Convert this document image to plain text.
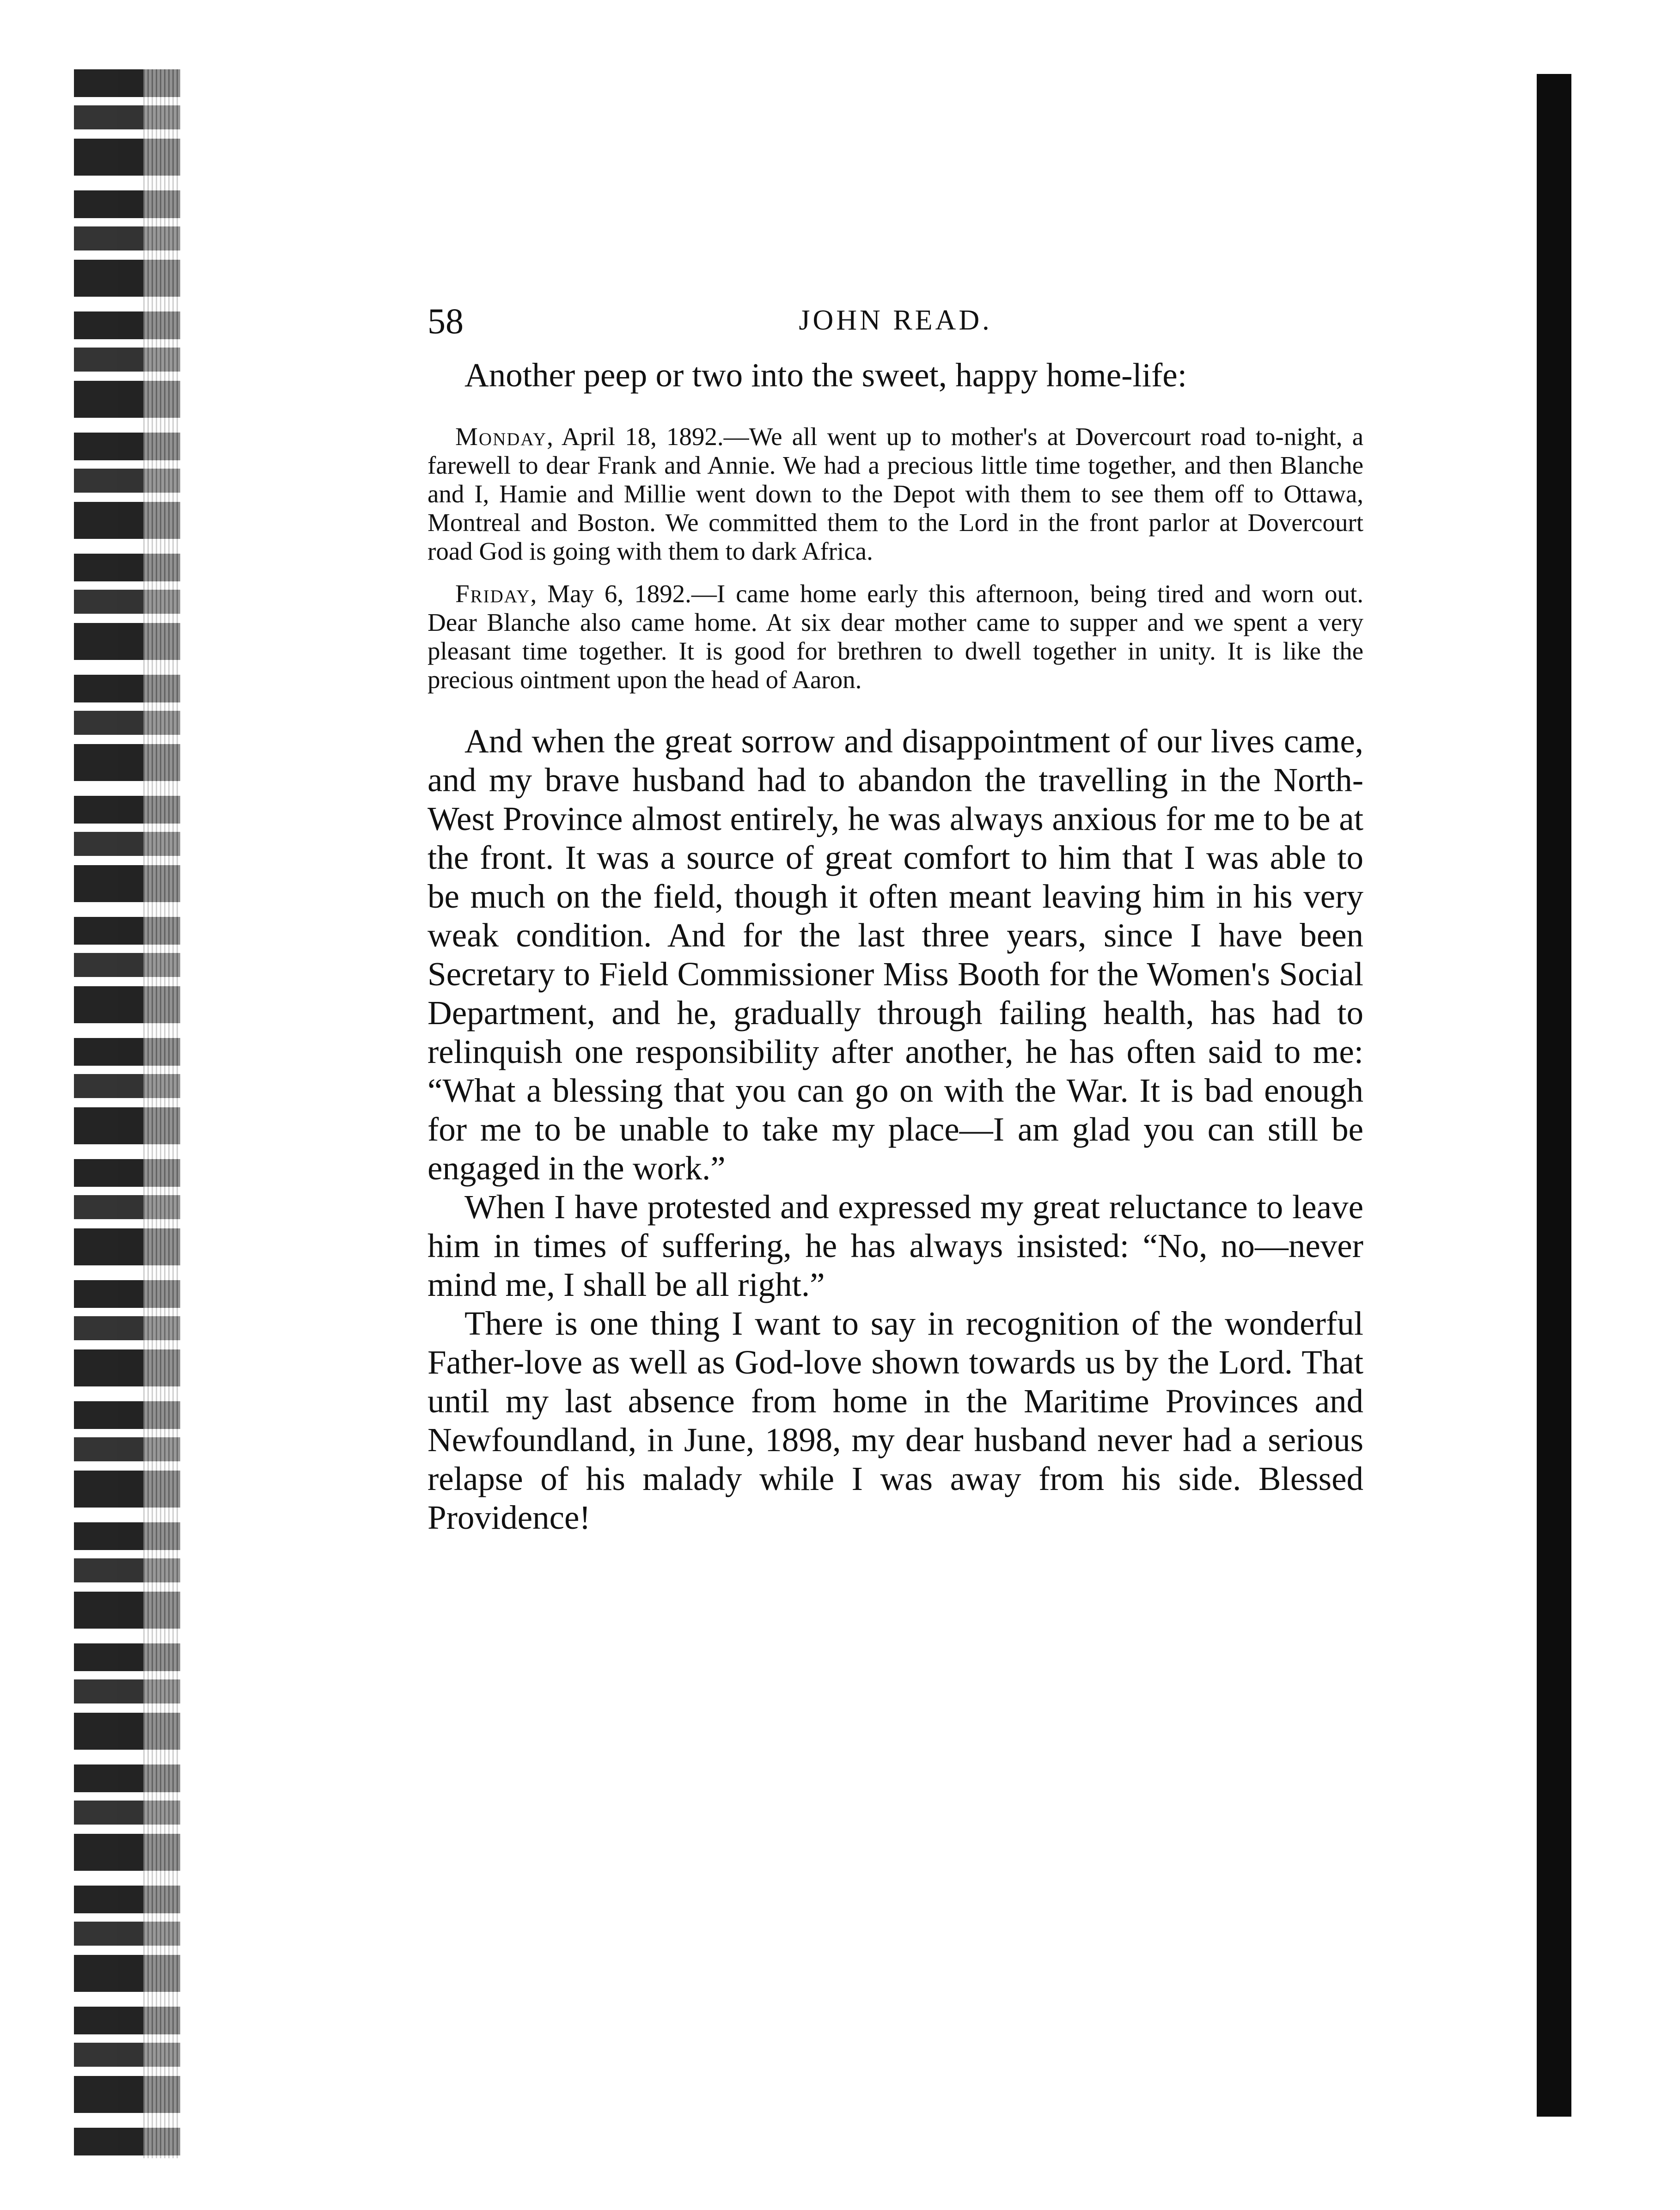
58	JOHN READ.

Another peep or two into the sweet, happy home-life:

Monday, April 18, 1892.—We all went up to mother's at Dovercourt road to-night, a farewell to dear Frank and Annie. We had a precious little time together, and then Blanche and I, Hamie and Millie went down to the Depot with them to see them off to Ottawa, Montreal and Boston. We committed them to the Lord in the front parlor at Dovercourt road God is going with them to dark Africa.

Friday, May 6, 1892.—I came home early this afternoon, being tired and worn out. Dear Blanche also came home. At six dear mother came to supper and we spent a very pleasant time together. It is good for brethren to dwell together in unity. It is like the precious ointment upon the head of Aaron.

And when the great sorrow and disappointment of our lives came, and my brave husband had to abandon the travelling in the North-West Province almost entirely, he was always anxious for me to be at the front. It was a source of great comfort to him that I was able to be much on the field, though it often meant leaving him in his very weak condition. And for the last three years, since I have been Secretary to Field Commissioner Miss Booth for the Women's Social Department, and he, gradually through failing health, has had to relinquish one responsibility after another, he has often said to me: “What a blessing that you can go on with the War. It is bad enough for me to be unable to take my place—I am glad you can still be engaged in the work.”

When I have protested and expressed my great reluctance to leave him in times of suffering, he has always insisted: “No, no—never mind me, I shall be all right.”

There is one thing I want to say in recognition of the wonderful Father-love as well as God-love shown towards us by the Lord. That until my last absence from home in the Maritime Provinces and Newfoundland, in June, 1898, my dear husband never had a serious relapse of his malady while I was away from his side. Blessed Providence!
